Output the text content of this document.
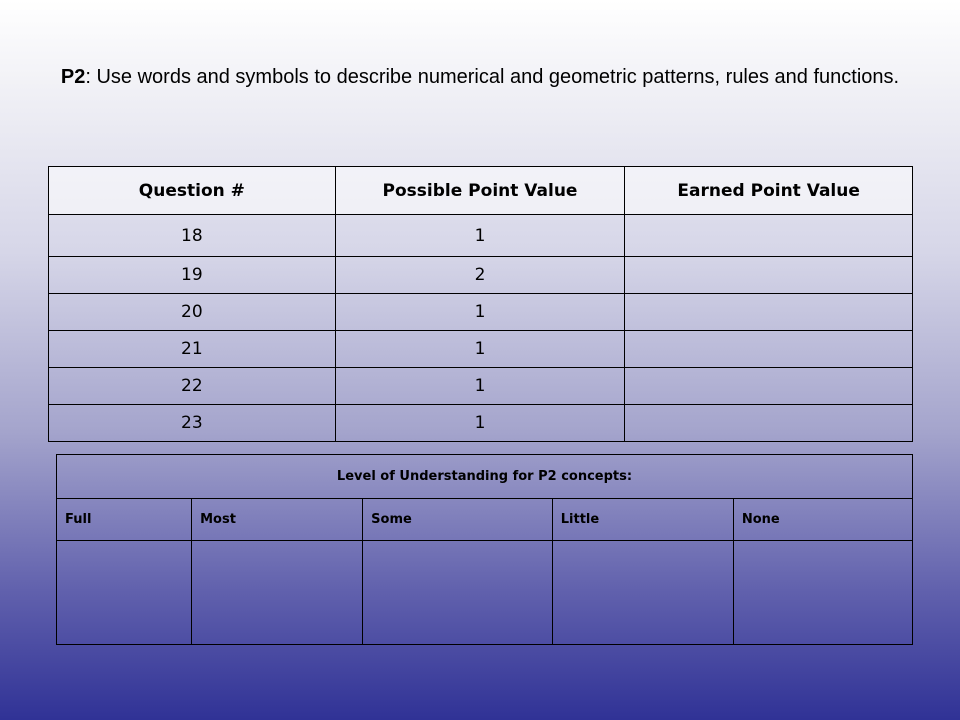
P2: Use words and symbols to describe numerical and geometric patterns, rules and functions.
Question #	Possible Point Value	Earned Point Value
18	1	
19	2	
20	1	
21	1	
22	1	
23	1	
Level of Understanding for P2 concepts:				
Full	Most	Some	Little	None
